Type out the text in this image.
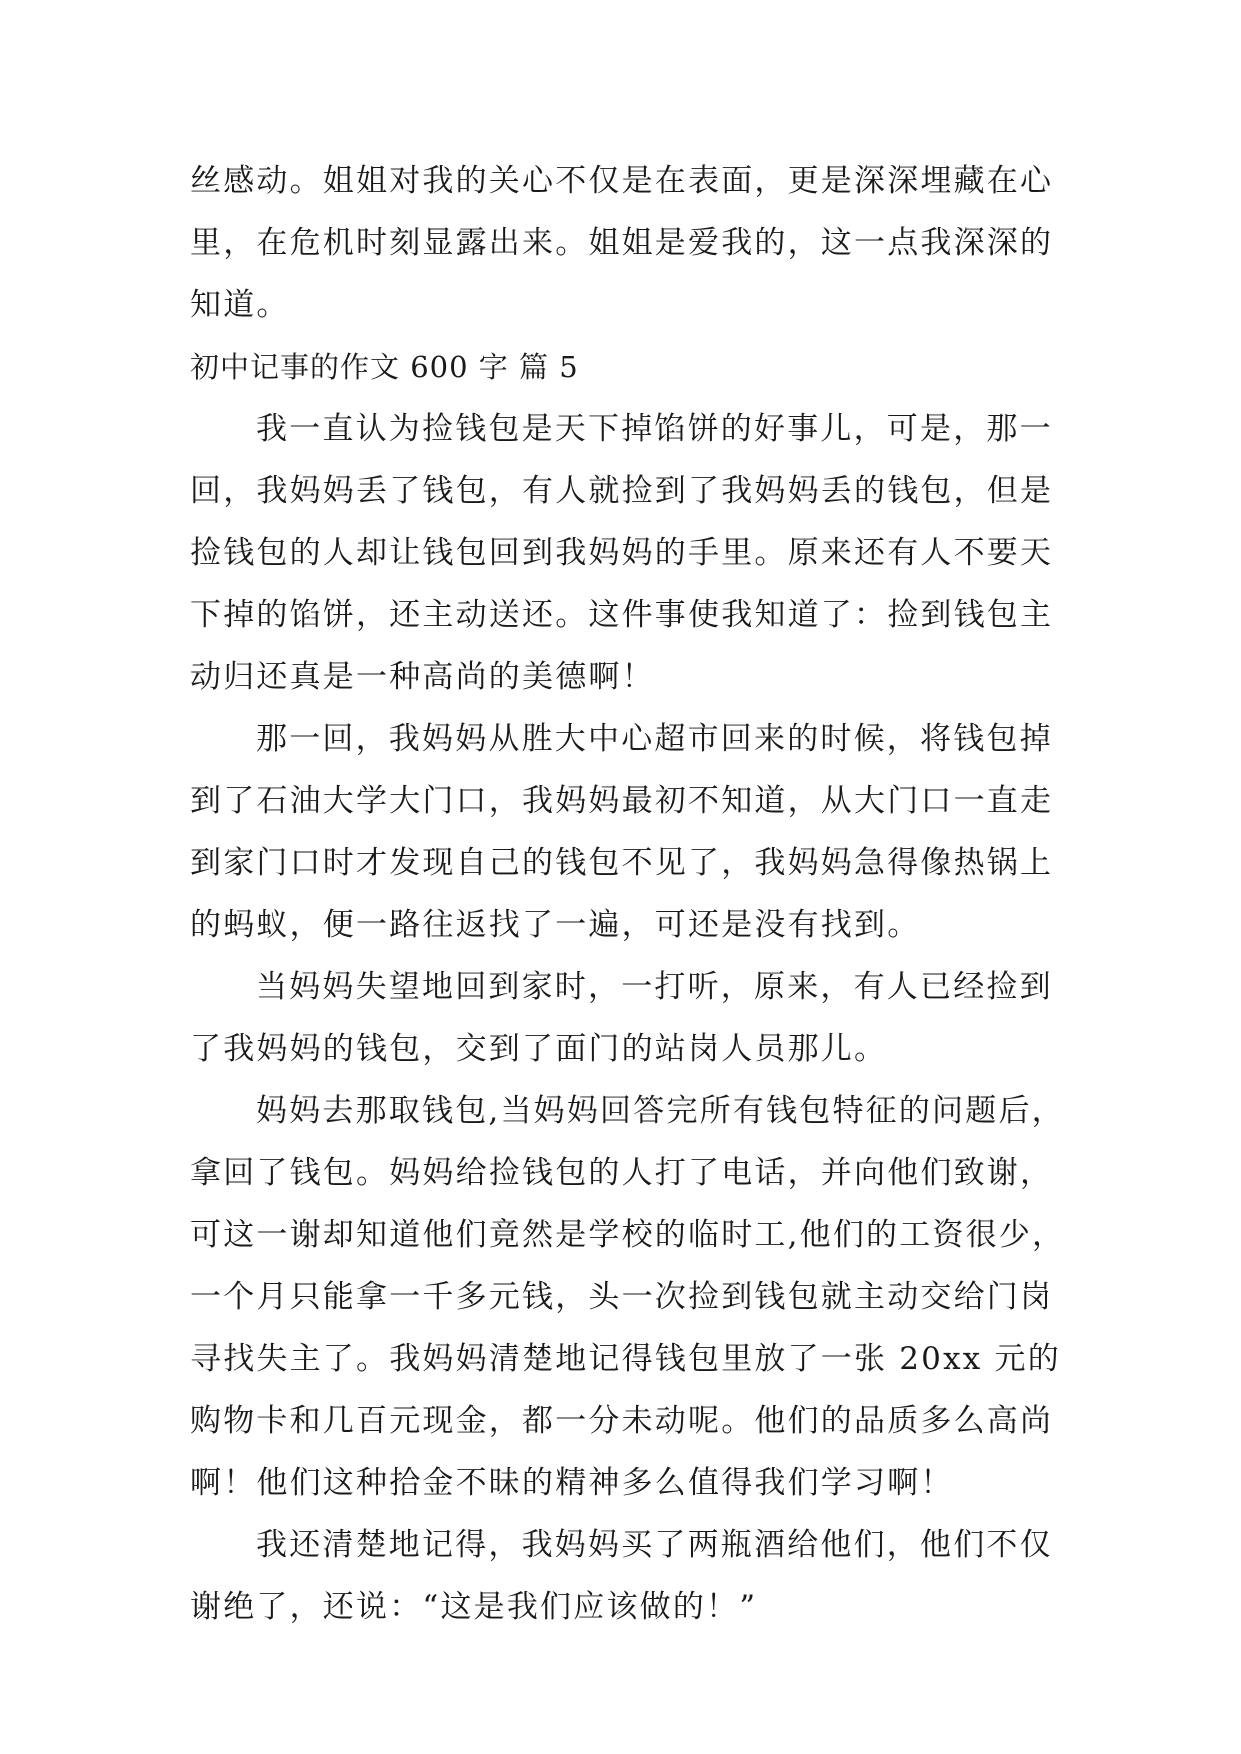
丝感动。姐姐对我的关心不仅是在表面，更是深深埋藏在心
里，在危机时刻显露出来。姐姐是爱我的，这一点我深深的
知道。
初中记事的作文 600 字 篇 5
我一直认为捡钱包是天下掉馅饼的好事儿，可是，那一
回，我妈妈丢了钱包，有人就捡到了我妈妈丢的钱包，但是
捡钱包的人却让钱包回到我妈妈的手里。原来还有人不要天
下掉的馅饼，还主动送还。这件事使我知道了：捡到钱包主
动归还真是一种高尚的美德啊！
那一回，我妈妈从胜大中心超市回来的时候，将钱包掉
到了石油大学大门口，我妈妈最初不知道，从大门口一直走
到家门口时才发现自己的钱包不见了，我妈妈急得像热锅上
的蚂蚁，便一路往返找了一遍，可还是没有找到。
当妈妈失望地回到家时，一打听，原来，有人已经捡到
了我妈妈的钱包，交到了面门的站岗人员那儿。
妈妈去那取钱包,当妈妈回答完所有钱包特征的问题后，
拿回了钱包。妈妈给捡钱包的人打了电话，并向他们致谢，
可这一谢却知道他们竟然是学校的临时工,他们的工资很少，
一个月只能拿一千多元钱，头一次捡到钱包就主动交给门岗
寻找失主了。我妈妈清楚地记得钱包里放了一张 20xx 元的
购物卡和几百元现金，都一分未动呢。他们的品质多么高尚
啊！他们这种拾金不昧的精神多么值得我们学习啊！
我还清楚地记得，我妈妈买了两瓶酒给他们，他们不仅
谢绝了，还说：“这是我们应该做的！”
